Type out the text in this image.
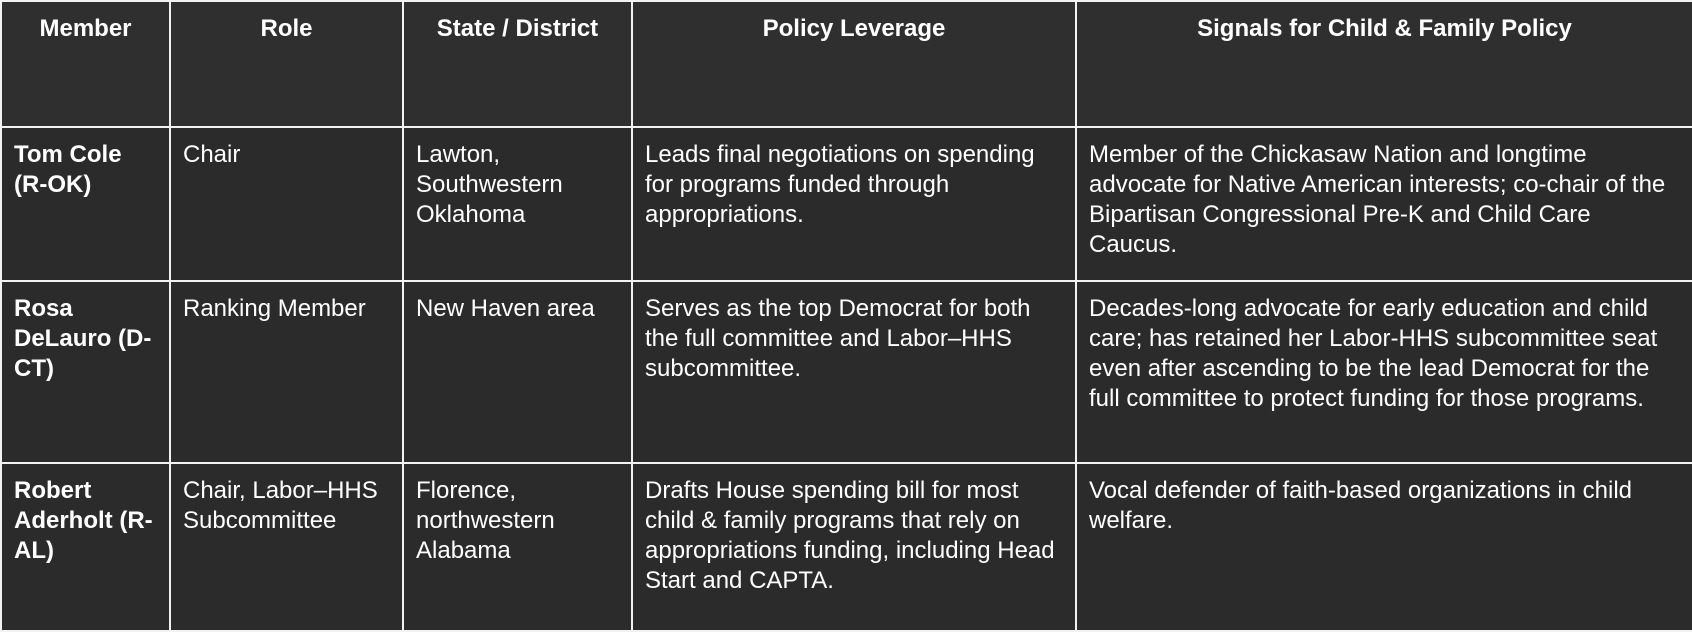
Member	Role	State / District	Policy Leverage	Signals for Child & Family Policy
Tom Cole (R-OK)	Chair	Lawton, Southwestern Oklahoma	Leads final negotiations on spending for programs funded through appropriations.	Member of the Chickasaw Nation and longtime advocate for Native American interests; co-chair of the Bipartisan Congressional Pre-K and Child Care Caucus.
Rosa DeLauro (D-CT)	Ranking Member	New Haven area	Serves as the top Democrat for both the full committee and Labor–HHS subcommittee.	Decades-long advocate for early education and child care; has retained her Labor-HHS subcommittee seat even after ascending to be the lead Democrat for the full committee to protect funding for those programs.
Robert Aderholt (R-AL)	Chair, Labor–HHS Subcommittee	Florence, northwestern Alabama	Drafts House spending bill for most child & family programs that rely on appropriations funding, including Head Start and CAPTA.	Vocal defender of faith-based organizations in child welfare.
